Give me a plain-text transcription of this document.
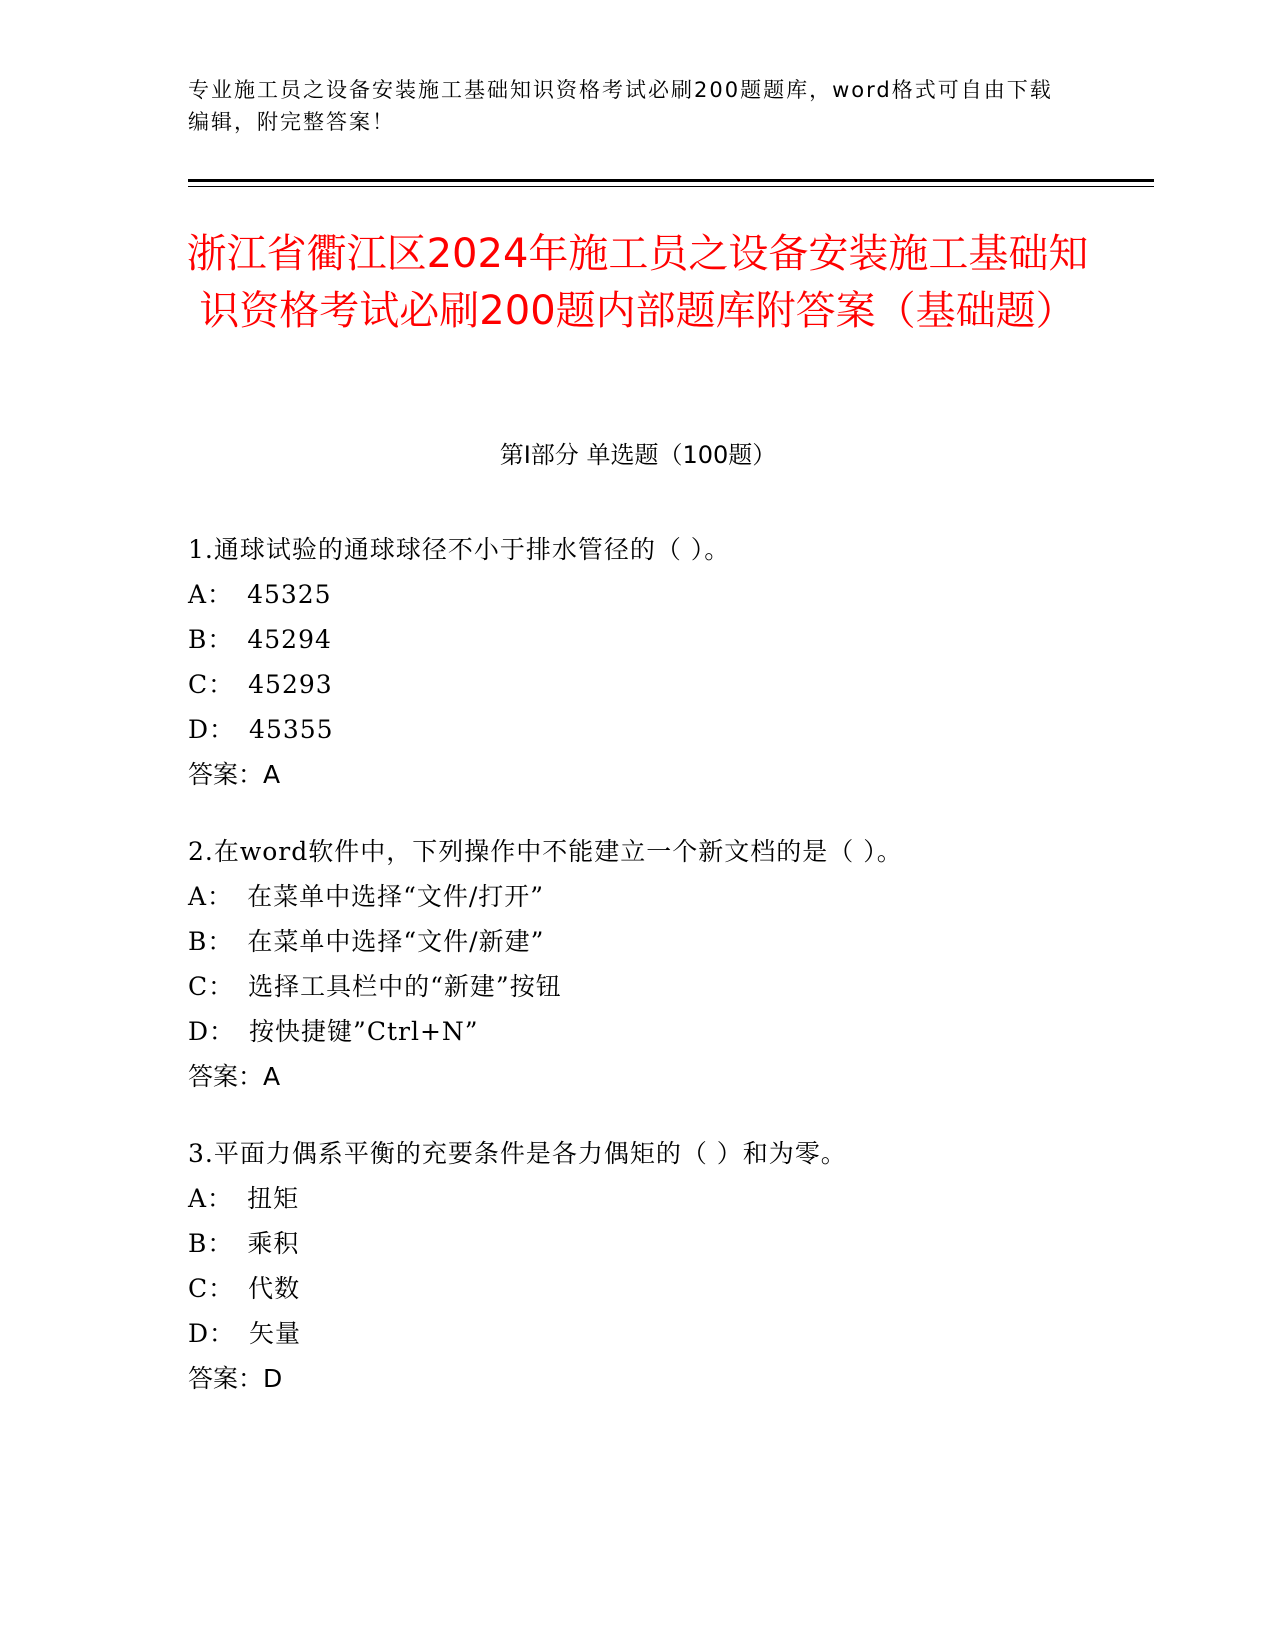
专业施工员之设备安装施工基础知识资格考试必刷200题题库，word格式可自由下载编辑，附完整答案！
浙江省衢江区2024年施工员之设备安装施工基础知识资格考试必刷200题内部题库附答案（基础题）
第Ⅰ部分 单选题（100题）
1.通球试验的通球球径不小于排水管径的（ ）。
A： 45325
B： 45294
C： 45293
D： 45355
答案：A
2.在word软件中，下列操作中不能建立一个新文档的是（ ）。
A： 在菜单中选择“文件/打开”
B： 在菜单中选择“文件/新建”
C： 选择工具栏中的“新建”按钮
D： 按快捷键”Ctrl+N”
答案：A
3.平面力偶系平衡的充要条件是各力偶矩的（ ）和为零。
A： 扭矩
B： 乘积
C： 代数
D： 矢量
答案：D
